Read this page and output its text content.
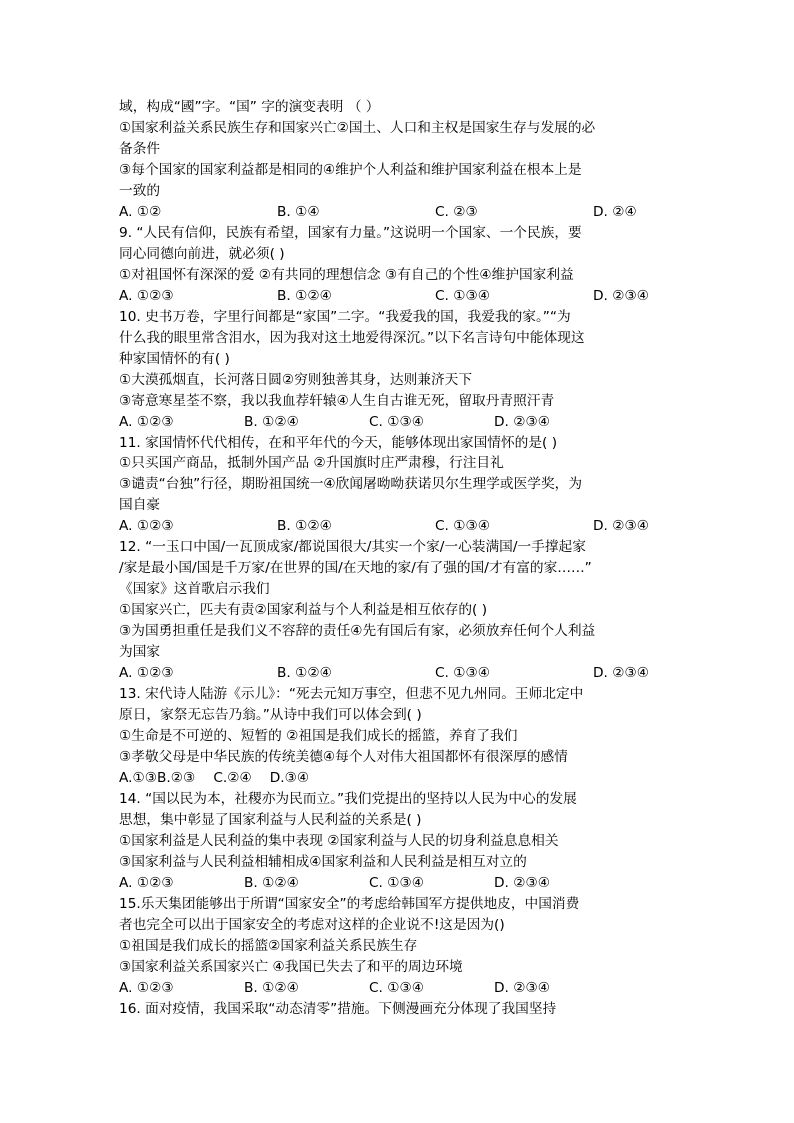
域，构成“國”字。“国” 字的演变表明 （ ）
①国家利益关系民族生存和国家兴亡②国土、人口和主权是国家生存与发展的必
备条件
③每个国家的国家利益都是相同的④维护个人利益和维护国家利益在根本上是
一致的
A. ①②	B. ①④	C. ②③	D. ②④
9. “人民有信仰，民族有希望，国家有力量。”这说明一个国家、一个民族，要
同心同德向前进，就必须( )
①对祖国怀有深深的爱 ②有共同的理想信念 ③有自己的个性④维护国家利益
A. ①②③	B. ①②④	C. ①③④	D. ②③④
10. 史书万卷，字里行间都是“家国”二字。“我爱我的国，我爱我的家。”“为
什么我的眼里常含泪水，因为我对这土地爱得深沉。”以下名言诗句中能体现这
种家国情怀的有( )
①大漠孤烟直，长河落日圆②穷则独善其身，达则兼济天下
③寄意寒星荃不察，我以我血荐轩辕④人生自古谁无死，留取丹青照汗青
A. ①②③	B. ①②④	C. ①③④	D. ②③④
11. 家国情怀代代相传，在和平年代的今天，能够体现出家国情怀的是( )
①只买国产商品，抵制外国产品 ②升国旗时庄严肃穆，行注目礼
③谴责“台独”行径，期盼祖国统一④欣闻屠呦呦获诺贝尔生理学或医学奖，为
国自豪
A. ①②③	B. ①②④	C. ①③④	D. ②③④
12. “一玉口中国/一瓦顶成家/都说国很大/其实一个家/一心装满国/一手撑起家
/家是最小国/国是千万家/在世界的国/在天地的家/有了强的国/才有富的家……”
《国家》这首歌启示我们
①国家兴亡，匹夫有责②国家利益与个人利益是相互依存的( )
③为国勇担重任是我们义不容辞的责任④先有国后有家，必须放弃任何个人利益
为国家
A. ①②③	B. ①②④	C. ①③④	D. ②③④
13. 宋代诗人陆游《示儿》：“死去元知万事空，但悲不见九州同。王师北定中
原日，家祭无忘告乃翁。”从诗中我们可以体会到( )
①生命是不可逆的、短暂的 ②祖国是我们成长的摇篮，养育了我们
③孝敬父母是中华民族的传统美德④每个人对伟大祖国都怀有很深厚的感情
A.①③B.②③ C.②④ D.③④
14. “国以民为本，社稷亦为民而立。”我们党提出的坚持以人民为中心的发展
思想，集中彰显了国家利益与人民利益的关系是( )
①国家利益是人民利益的集中表现 ②国家利益与人民的切身利益息息相关
③国家利益与人民利益相辅相成④国家利益和人民利益是相互对立的
A. ①②③	B. ①②④	C. ①③④	D. ②③④
15.乐天集团能够出于所谓“国家安全”的考虑给韩国军方提供地皮，中国消费
者也完全可以出于国家安全的考虑对这样的企业说不!这是因为()
①祖国是我们成长的摇篮②国家利益关系民族生存
③国家利益关系国家兴亡 ④我国已失去了和平的周边环境
A. ①②③	B. ①②④	C. ①③④	D. ②③④
16. 面对疫情，我国采取“动态清零”措施。下侧漫画充分体现了我国坚持
